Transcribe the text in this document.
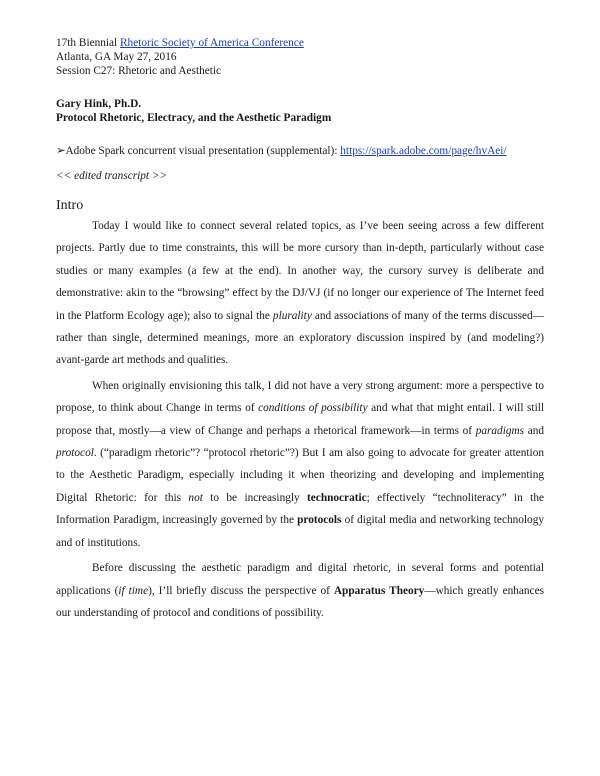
17th Biennial Rhetoric Society of America Conference

Atlanta, GA May 27, 2016

Session C27: Rhetoric and Aesthetic

Gary Hink, Ph.D.

Protocol Rhetoric, Electracy, and the Aesthetic Paradigm

➢Adobe Spark concurrent visual presentation (supplemental): https://spark.adobe.com/page/hvAei/

<< edited transcript >>

Intro

Today I would like to connect several related topics, as I’ve been seeing across a few different projects. Partly due to time constraints, this will be more cursory than in-depth, particularly without case studies or many examples (a few at the end). In another way, the cursory survey is deliberate and demonstrative: akin to the “browsing” effect by the DJ/VJ (if no longer our experience of The Internet feed in the Platform Ecology age); also to signal the plurality and associations of many of the terms discussed—rather than single, determined meanings, more an exploratory discussion inspired by (and modeling?) avant-garde art methods and qualities.

When originally envisioning this talk, I did not have a very strong argument: more a perspective to propose, to think about Change in terms of conditions of possibility and what that might entail. I will still propose that, mostly—a view of Change and perhaps a rhetorical framework—in terms of paradigms and protocol. (“paradigm rhetoric”? “protocol rhetoric”?) But I am also going to advocate for greater attention to the Aesthetic Paradigm, especially including it when theorizing and developing and implementing Digital Rhetoric: for this not to be increasingly technocratic; effectively “technoliteracy” in the Information Paradigm, increasingly governed by the protocols of digital media and networking technology and of institutions.

Before discussing the aesthetic paradigm and digital rhetoric, in several forms and potential applications (if time), I’ll briefly discuss the perspective of Apparatus Theory—which greatly enhances our understanding of protocol and conditions of possibility.
